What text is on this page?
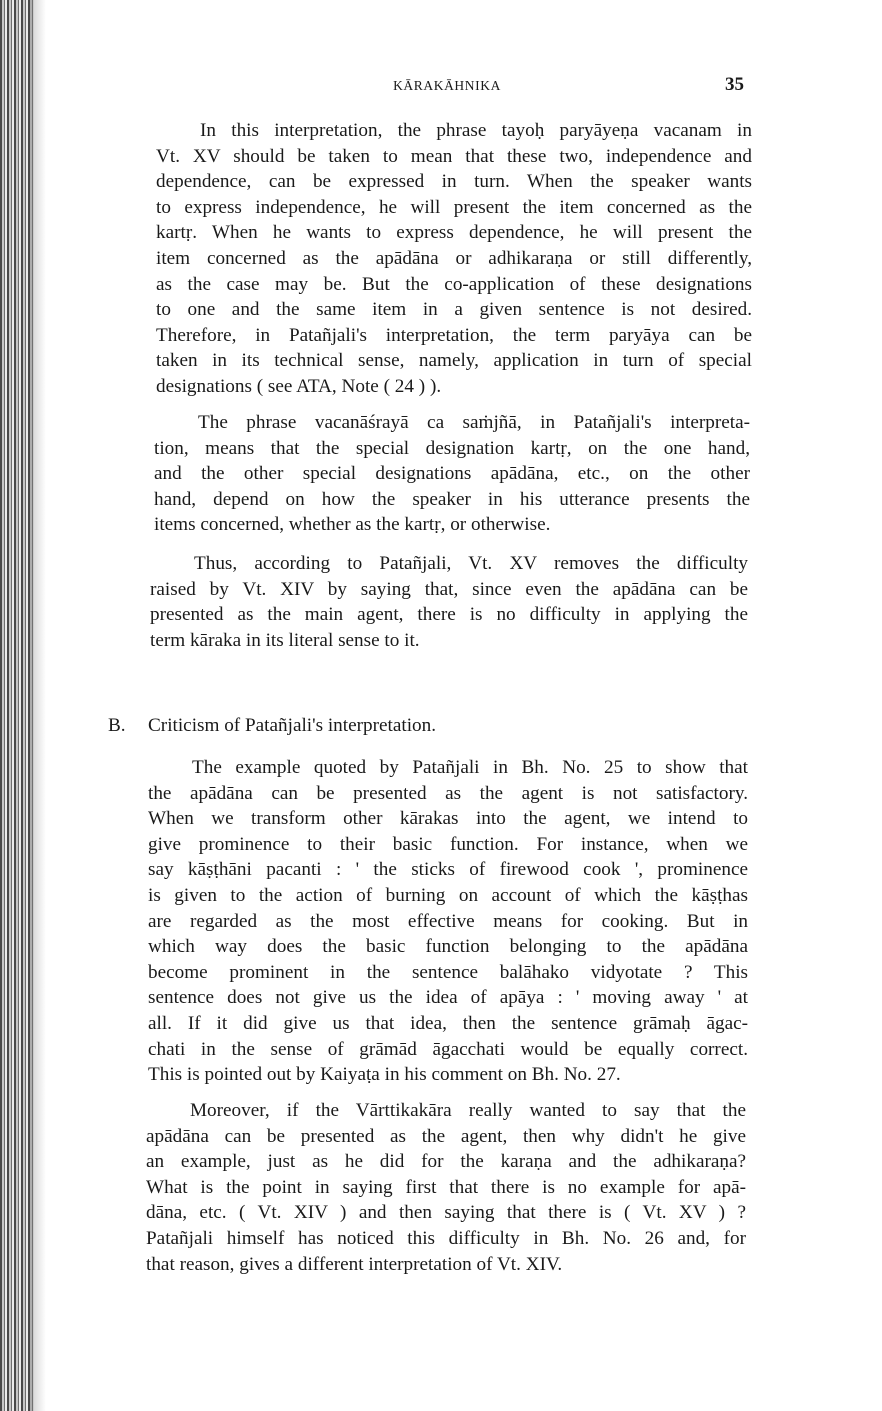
KĀRAKĀHNIKA	35
In this interpretation, the phrase tayoḥ paryāyeṇa vacanam in
Vt. XV should be taken to mean that these two, independence and
dependence, can be expressed in turn. When the speaker wants
to express independence, he will present the item concerned as the
kartṛ. When he wants to express dependence, he will present the
item concerned as the apādāna or adhikaraṇa or still differently,
as the case may be. But the co-application of these designations
to one and the same item in a given sentence is not desired.
Therefore, in Patañjali's interpretation, the term paryāya can be
taken in its technical sense, namely, application in turn of special
designations ( see ATA, Note ( 24 ) ).
The phrase vacanāśrayā ca saṁjñā, in Patañjali's interpreta-
tion, means that the special designation kartṛ, on the one hand,
and the other special designations apādāna, etc., on the other
hand, depend on how the speaker in his utterance presents the
items concerned, whether as the kartṛ, or otherwise.
Thus, according to Patañjali, Vt. XV removes the difficulty
raised by Vt. XIV by saying that, since even the apādāna can be
presented as the main agent, there is no difficulty in applying the
term kāraka in its literal sense to it.
B. Criticism of Patañjali's interpretation.
The example quoted by Patañjali in Bh. No. 25 to show that
the apādāna can be presented as the agent is not satisfactory.
When we transform other kārakas into the agent, we intend to
give prominence to their basic function. For instance, when we
say kāṣṭhāni pacanti : ' the sticks of firewood cook ', prominence
is given to the action of burning on account of which the kāṣṭhas
are regarded as the most effective means for cooking. But in
which way does the basic function belonging to the apādāna
become prominent in the sentence balāhako vidyotate ? This
sentence does not give us the idea of apāya : ' moving away ' at
all. If it did give us that idea, then the sentence grāmaḥ āgac-
chati in the sense of grāmād āgacchati would be equally correct.
This is pointed out by Kaiyaṭa in his comment on Bh. No. 27.
Moreover, if the Vārttikakāra really wanted to say that the
apādāna can be presented as the agent, then why didn't he give
an example, just as he did for the karaṇa and the adhikaraṇa?
What is the point in saying first that there is no example for apā-
dāna, etc. ( Vt. XIV ) and then saying that there is ( Vt. XV ) ?
Patañjali himself has noticed this difficulty in Bh. No. 26 and, for
that reason, gives a different interpretation of Vt. XIV.
